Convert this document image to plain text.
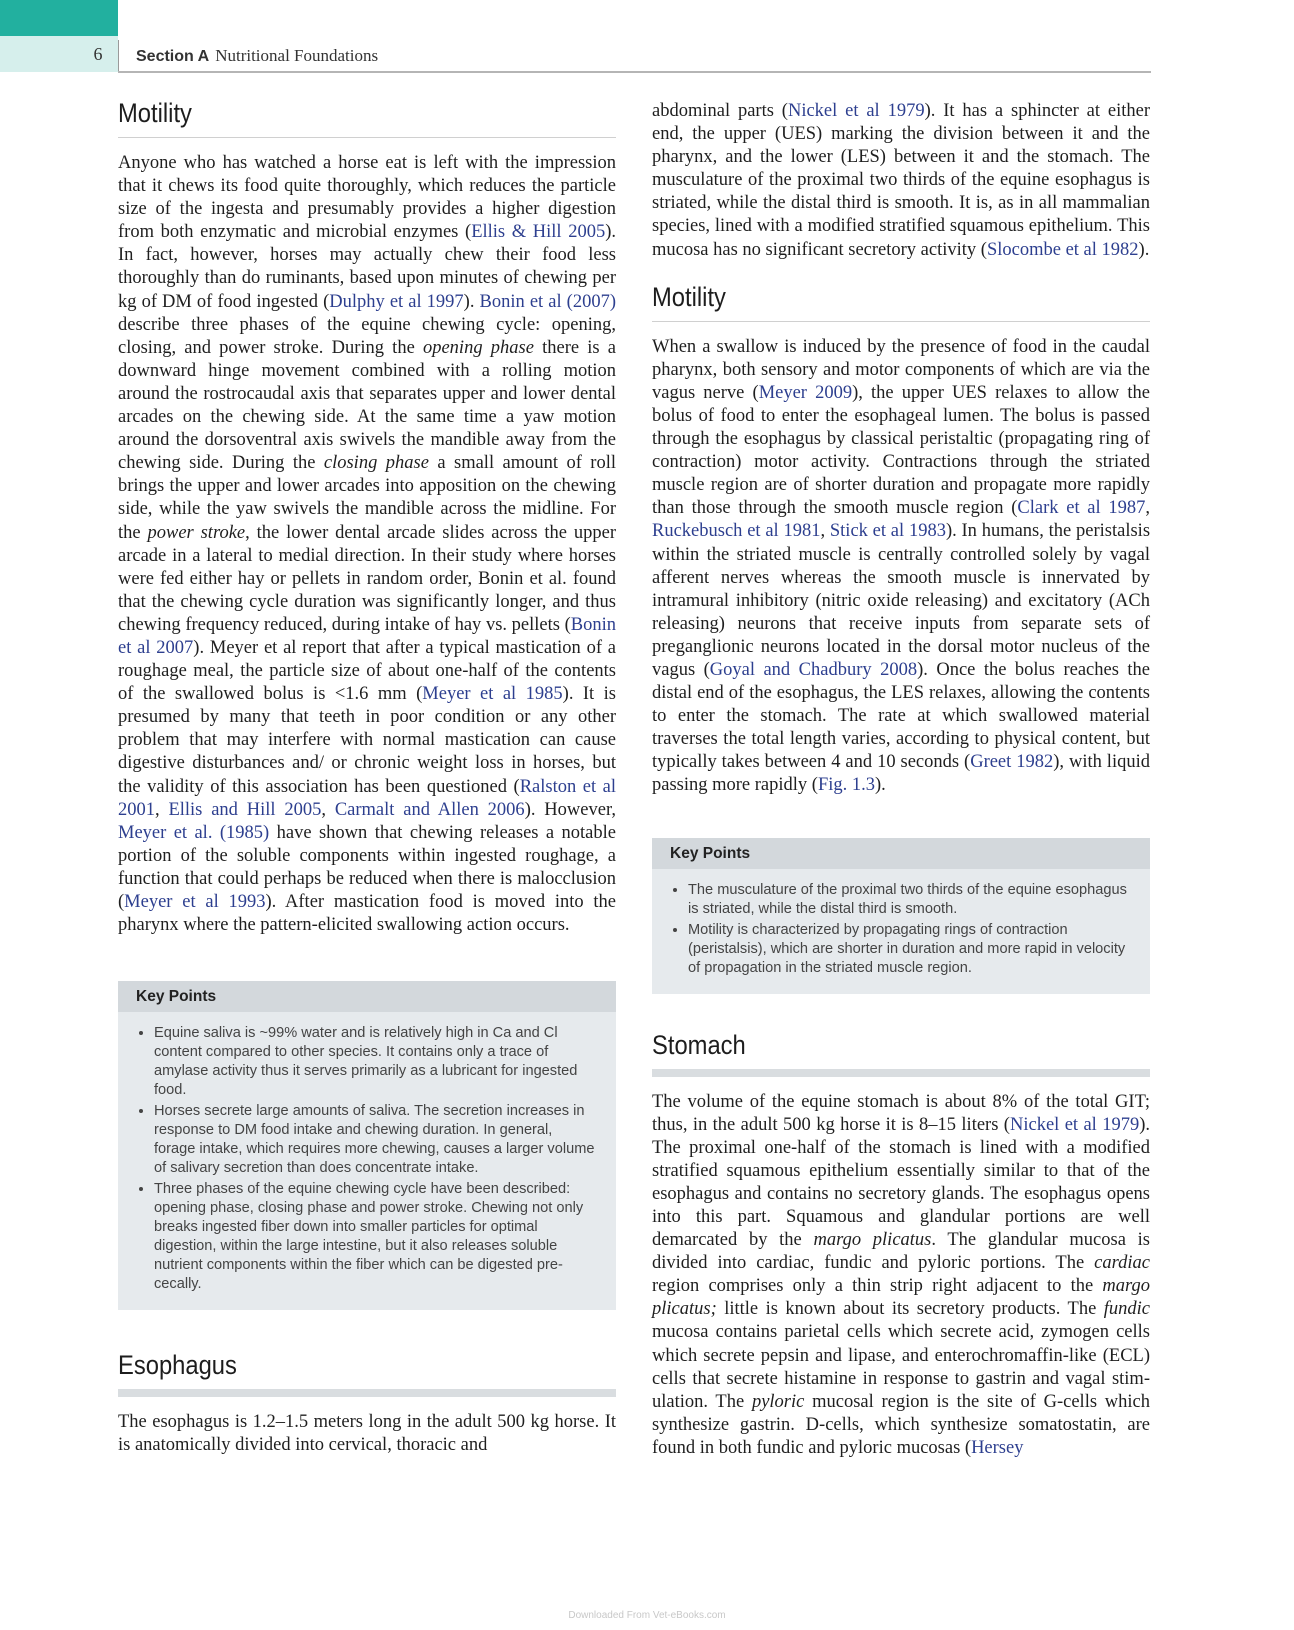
6	Section A Nutritional Foundations
Motility

Anyone who has watched a horse eat is left with the impression that it chews its food quite thoroughly, which reduces the particle size of the ingesta and presumably provides a higher digestion from both enzymatic and microbial enzymes (Ellis & Hill 2005). In fact, however, horses may actually chew their food less thoroughly than do ruminants, based upon minutes of chewing per kg of DM of food ingested (Dulphy et al 1997). Bonin et al (2007) describe three phases of the equine chewing cycle: opening, closing, and power stroke. During the opening phase there is a downward hinge movement combined with a rolling motion around the rostrocaudal axis that separates upper and lower dental arcades on the chewing side. At the same time a yaw motion around the dorsoventral axis swivels the mandible away from the chewing side. During the closing phase a small amount of roll brings the upper and lower arcades into apposition on the chewing side, while the yaw swivels the mandible across the midline. For the power stroke, the lower dental arcade slides across the upper arcade in a lateral to medial direction. In their study where horses were fed either hay or pellets in random order, Bonin et al. found that the chewing cycle duration was significantly longer, and thus chewing frequency reduced, during intake of hay vs. pellets (Bonin et al 2007). Meyer et al report that after a typical mastication of a roughage meal, the particle size of about one-half of the contents of the swallowed bolus is <1.6 mm (Meyer et al 1985). It is presumed by many that teeth in poor condition or any other problem that may interfere with normal mastication can cause digestive disturbances and/ or chronic weight loss in horses, but the validity of this association has been questioned (Ralston et al 2001, Ellis and Hill 2005, Carmalt and Allen 2006). However, Meyer et al. (1985) have shown that chewing releases a notable portion of the soluble components within ingested roughage, a function that could perhaps be reduced when there is malocclusion (Meyer et al 1993). After mastication food is moved into the pharynx where the pattern-elicited swallowing action occurs.

Key Points
• Equine saliva is ~99% water and is relatively high in Ca and Cl content compared to other species. It contains only a trace of amylase activity thus it serves primarily as a lubricant for ingested food.
• Horses secrete large amounts of saliva. The secretion increases in response to DM food intake and chewing duration. In general, forage intake, which requires more chewing, causes a larger volume of salivary secretion than does concentrate intake.
• Three phases of the equine chewing cycle have been described: opening phase, closing phase and power stroke. Chewing not only breaks ingested fiber down into smaller particles for optimal digestion, within the large intestine, but it also releases soluble nutrient components within the fiber which can be digested pre-cecally.
Esophagus

The esophagus is 1.2–1.5 meters long in the adult 500 kg horse. It is anatomically divided into cervical, thoracic and

abdominal parts (Nickel et al 1979). It has a sphincter at either end, the upper (UES) marking the division between it and the pharynx, and the lower (LES) between it and the stomach. The musculature of the proximal two thirds of the equine esophagus is striated, while the distal third is smooth. It is, as in all mammalian species, lined with a modified stratified squamous epithelium. This mucosa has no significant secretory activity (Slocombe et al 1982).

Motility

When a swallow is induced by the presence of food in the caudal pharynx, both sensory and motor components of which are via the vagus nerve (Meyer 2009), the upper UES relaxes to allow the bolus of food to enter the esophageal lumen. The bolus is passed through the esophagus by classical peristaltic (propagating ring of contraction) motor activity. Contractions through the striated muscle region are of shorter duration and propagate more rapidly than those through the smooth muscle region (Clark et al 1987, Ruckebusch et al 1981, Stick et al 1983). In humans, the peristalsis within the striated muscle is centrally controlled solely by vagal afferent nerves whereas the smooth muscle is innervated by intramural inhibitory (nitric oxide releasing) and excitatory (ACh releasing) neurons that receive inputs from separate sets of preganglionic neurons located in the dorsal motor nucleus of the vagus (Goyal and Chadbury 2008). Once the bolus reaches the distal end of the esophagus, the LES relaxes, allowing the contents to enter the stomach. The rate at which swallowed material traverses the total length varies, according to physical content, but typically takes between 4 and 10 seconds (Greet 1982), with liquid passing more rapidly (Fig. 1.3).

Key Points
• The musculature of the proximal two thirds of the equine esophagus is striated, while the distal third is smooth.
• Motility is characterized by propagating rings of contraction (peristalsis), which are shorter in duration and more rapid in velocity of propagation in the striated muscle region.
Stomach

The volume of the equine stomach is about 8% of the total GIT; thus, in the adult 500 kg horse it is 8–15 liters (Nickel et al 1979). The proximal one-half of the stomach is lined with a modified stratified squamous epithelium essentially similar to that of the esophagus and contains no secretory glands. The esophagus opens into this part. Squamous and glandular portions are well demarcated by the margo plicatus. The glandular mucosa is divided into cardiac, fundic and pyloric portions. The cardiac region comprises only a thin strip right adjacent to the margo plicatus; little is known about its secretory products. The fundic mucosa contains parietal cells which secrete acid, zymogen cells which secrete pepsin and lipase, and enterochromaffin-like (ECL) cells that secrete histamine in response to gastrin and vagal stimulation. The pyloric mucosal region is the site of G-cells which synthesize gastrin. D-cells, which synthesize somatostatin, are found in both fundic and pyloric mucosas (Hersey

Downloaded From Vet-eBooks.com
